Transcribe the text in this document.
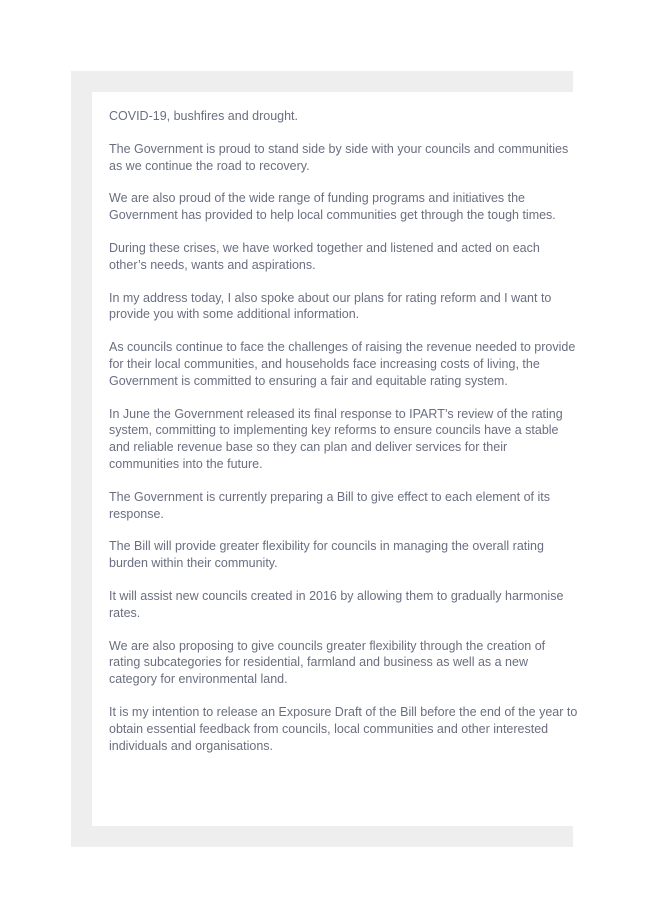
COVID-19, bushfires and drought.

The Government is proud to stand side by side with your councils and communities as we continue the road to recovery.

We are also proud of the wide range of funding programs and initiatives the Government has provided to help local communities get through the tough times.

During these crises, we have worked together and listened and acted on each other’s needs, wants and aspirations.

In my address today, I also spoke about our plans for rating reform and I want to provide you with some additional information.

As councils continue to face the challenges of raising the revenue needed to provide for their local communities, and households face increasing costs of living, the Government is committed to ensuring a fair and equitable rating system.

In June the Government released its final response to IPART’s review of the rating system, committing to implementing key reforms to ensure councils have a stable and reliable revenue base so they can plan and deliver services for their communities into the future.

The Government is currently preparing a Bill to give effect to each element of its response.

The Bill will provide greater flexibility for councils in managing the overall rating burden within their community.

It will assist new councils created in 2016 by allowing them to gradually harmonise rates.

We are also proposing to give councils greater flexibility through the creation of rating subcategories for residential, farmland and business as well as a new category for environmental land.

It is my intention to release an Exposure Draft of the Bill before the end of the year to obtain essential feedback from councils, local communities and other interested individuals and organisations.
